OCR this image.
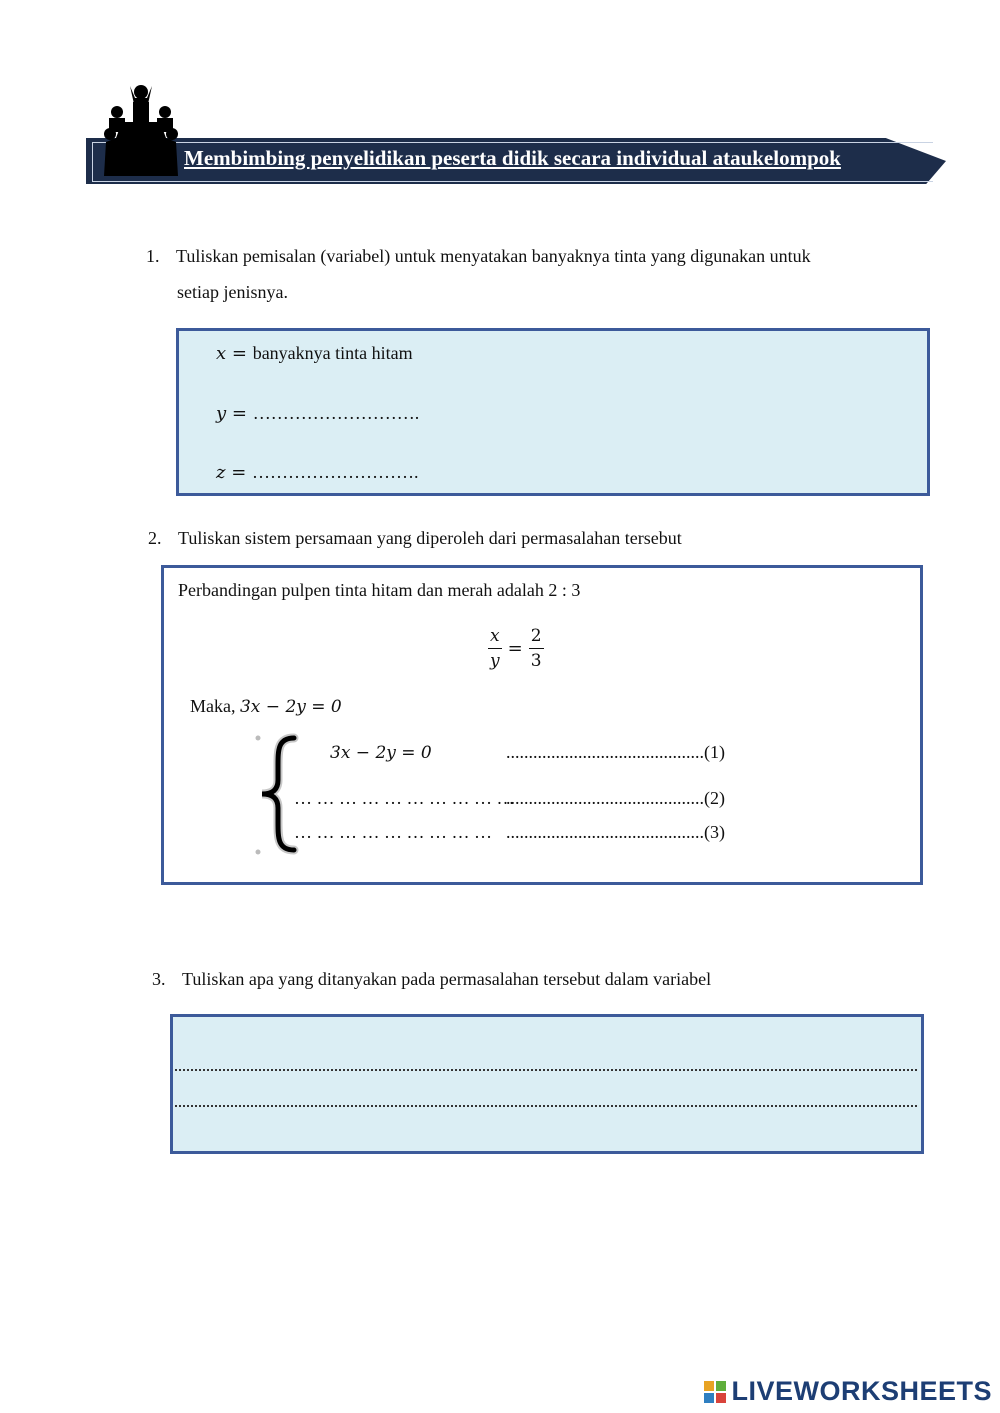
Membimbing penyelidikan peserta didik secara individual ataukelompok
1. Tuliskan pemisalan (variabel) untuk menyatakan banyaknya tinta yang digunakan untuk
setiap jenisnya.
x = banyaknya tinta hitam
y = ……………………….
z = ……………………….
2. Tuliskan sistem persamaan yang diperoleh dari permasalahan tersebut
Perbandingan pulpen tinta hitam dan merah adalah 2 : 3
$\frac{x}{y} = \frac{2}{3}$
Maka, 3x − 2y = 0
3x − 2y = 0	............................................(1)
… … … … … … … … … …
............................................(2)
… … … … … … … … … ............................................(3)
3. Tuliskan apa yang ditanyakan pada permasalahan tersebut dalam variabel
LIVEWORKSHEETS
